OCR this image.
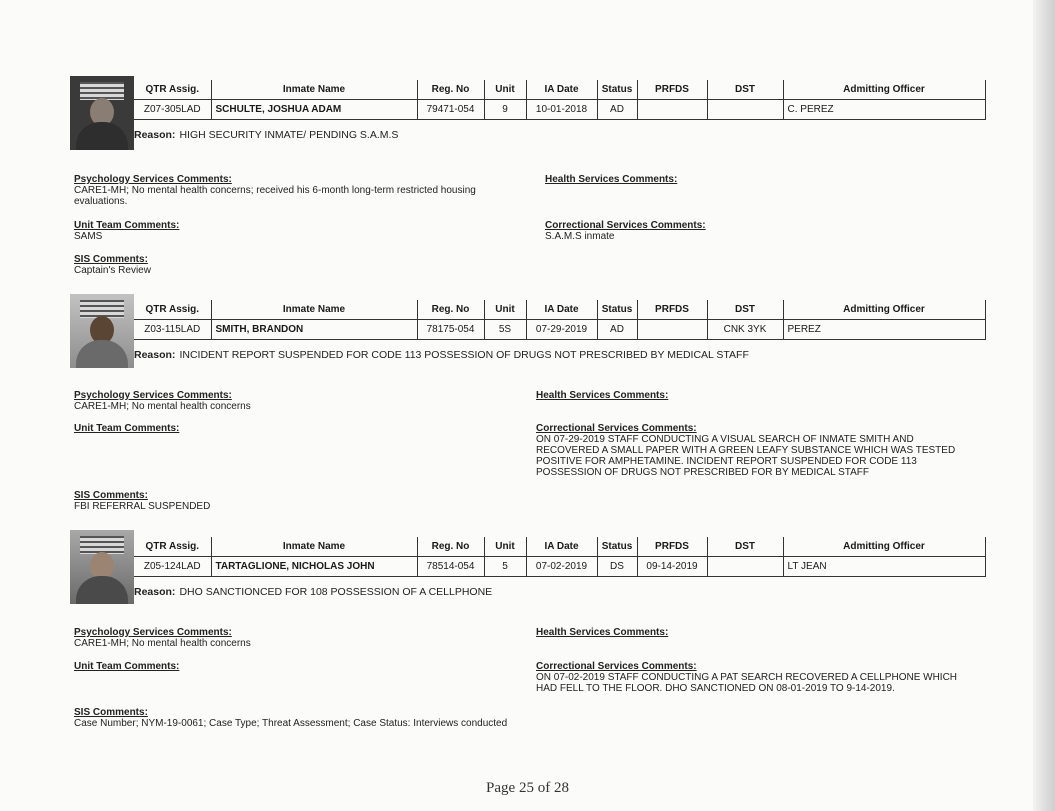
QTR Assig.	Inmate Name	Reg. No	Unit	IA Date	Status	PRFDS	DST	Admitting Officer
Z07-305LAD	SCHULTE, JOSHUA ADAM	79471-054	9	10-01-2018	AD			C. PEREZ
Reason: HIGH SECURITY INMATE/ PENDING S.A.M.S
Psychology Services Comments:
CARE1-MH; No mental health concerns; received his 6-month long-term restricted housing evaluations.
Health Services Comments:
Unit Team Comments:
SAMS
Correctional Services Comments:
S.A.M.S inmate
SIS Comments:
Captain's Review
QTR Assig.	Inmate Name	Reg. No	Unit	IA Date	Status	PRFDS	DST	Admitting Officer
Z03-115LAD	SMITH, BRANDON	78175-054	5S	07-29-2019	AD		CNK 3YK	PEREZ
Reason: INCIDENT REPORT SUSPENDED FOR CODE 113 POSSESSION OF DRUGS NOT PRESCRIBED BY MEDICAL STAFF
Psychology Services Comments:
CARE1-MH; No mental health concerns
Health Services Comments:
Unit Team Comments:	Correctional Services Comments:
ON 07-29-2019 STAFF CONDUCTING A VISUAL SEARCH OF INMATE SMITH AND RECOVERED A SMALL PAPER WITH A GREEN LEAFY SUBSTANCE WHICH WAS TESTED POSITIVE FOR AMPHETAMINE. INCIDENT REPORT SUSPENDED FOR CODE 113 POSSESSION OF DRUGS NOT PRESCRIBED FOR BY MEDICAL STAFF
SIS Comments:
FBI REFERRAL SUSPENDED
QTR Assig.	Inmate Name	Reg. No	Unit	IA Date	Status	PRFDS	DST	Admitting Officer
Z05-124LAD	TARTAGLIONE, NICHOLAS JOHN	78514-054	5	07-02-2019	DS	09-14-2019		LT JEAN
Reason: DHO SANCTIONCED FOR 108 POSSESSION OF A CELLPHONE
Psychology Services Comments:
CARE1-MH; No mental health concerns
Health Services Comments:
Unit Team Comments:	Correctional Services Comments:
ON 07-02-2019 STAFF CONDUCTING A PAT SEARCH RECOVERED A CELLPHONE WHICH HAD FELL TO THE FLOOR. DHO SANCTIONED ON 08-01-2019 TO 9-14-2019.
SIS Comments:
Case Number; NYM-19-0061; Case Type; Threat Assessment; Case Status: Interviews conducted
Page 25 of 28
